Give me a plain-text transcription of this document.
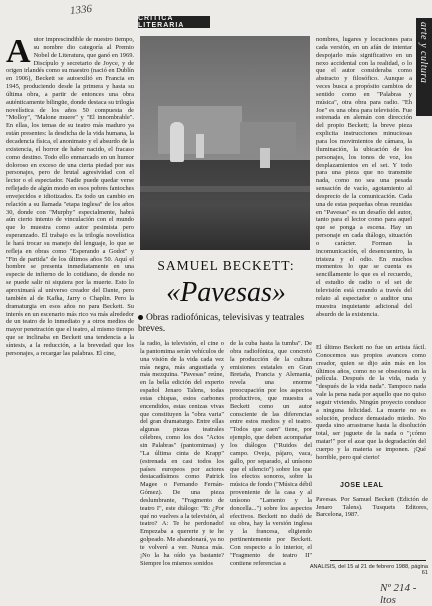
1336
CRITICA LITERARIA	arte y cultura
A utor imprescindible de nuestro tiempo, su nombre dio categoría al Premio Nobel de Literatura, que ganó en 1969. Discípulo y secretario de Joyce, y de origen irlandés como su maestro (nació en Dublín en 1906), Beckett se autoexilió en Francia en 1945, produciendo desde la primera y hasta su última obra, a partir de entonces una obra auténticamente bilingüe, donde destaca su trilogía novelística de los años 50 compuesta de "Molloy", "Malone muere" y "El innombrable". En ellas, los temas de su teatro más maduro ya están presentes: la desdicha de la vida humana, la decadencia física, el anonimato y el absurdo de la existencia, el horror de haber nacido, el fracaso como destino. Todo ello enmarcado en un humor doloroso en exceso de una cierta piedad por sus personajes, pero de brutal agresividad con el lector o el espectador. Nadie puede quedar verse reflejado de algún modo en esos pobres fantoches envejecidos e idiotizados. Es todo un cambio en relación a su llamada "etapa inglesa" de los años 30, donde con "Murphy" especialmente, habrá aún cierto intento de vinculación con el mundo que lo muestra como autor pesimista pero esperanzado. El trabajo es la trilogía novelística le hará trocar su manejo del lenguaje, lo que se refleja en obras como "Esperando a Godot" y "Fin de partida" de los últimos años 50. Aquí el hombre se presenta inmediatamente en una especie de infierno de lo cotidiano, de donde no se puede salir ni siquiera por la muerte. Esto lo aproximará al universo creador del Dante, pero también al de Kafka, Jarry o Chaplin. Pero la dramaturgia en esos años no para Beckett. Su interés en un escenario más rico va más alrededor de un teatro de lo inmediato y a otros medios de mayor penetración que el teatro, al mismo tiempo que se inclinaba en Beckett una tendencia a la síntesis, a la reducción, a la brevedad que los personajes, a recargar las palabras. El cine,

nombres, lugares y locuciones para cada versión, en un afán de intentar despojarlo más significativo en un nexo accidental con la realidad, o lo que el autor consideraba como abstracto y filosófico. Aunque a veces busca a propósito cambios de sentido como en "Palabras y música", otra obra para radio. "Eh Joe" es una obra para televisión. Fue estrenada en alemán con dirección del propio Beckett; la breve pieza explicita instrucciones minuciosas para los movimientos de cámara, la iluminación, la ubicación de los personajes, los tonos de voz, los desplazamientos en el set. Y todo para una pieza que no transmite nada, como no sea una pesada sensación de vacío, agotamiento al desprecio de la comunicación. Cada una de estas pequeñas obras reunidas en "Pavesas" es un desafío del autor, tanto para el lector como para aquel que se ponga a escena. Hay un personaje en cada diálogo, situación o carácter. Forman la incomunicación, el desencuentro, la tristeza y el odio. En muchos momentos lo que se cuenta es sencillamente lo que es el recuerdo, el estudio de radio o el set de televisión está creando a través del relato al espectador o auditor una muestra inquietante adicional del absurdo de la existencia.

SAMUEL BECKETT:
«Pavesas»
Obras radiofónicas, televisivas y teatrales breves.

la radio, la televisión, el cine o la pantomima serán vehículos de una visión de la vida cada vez más negra, más angustiada y más mezquina. "Pavesas" reúne, en la bella edición del experto español Jenaro Talens, todas estas chispas, estos carbones encendidos, estas cenizas vivas que constituyen la "obra varia" del gran dramaturgo. Entre ellas algunas piezas teatrales célebres, como los dos "Actos sin Palabras" (pantomimas) y "La última cinta de Krapp" (estrenada en casi todos los países europeos por actores destacadísimos como Patrick Magee o Fernando Fernán-Gómez). De una pieza deslumbrante, "Fragmento de teatro I", este diálogo: "B: ¿Por qué no vuelves a la televisión, al teatro? A: Te he perdonado! Empezaba a quererte y te he golpeado. Me abandonará, ya no te volveré a ver. Nunca más. ¡No la ha oído ya bastante? Siempre los mismos sonidos

de la cuba hasta la tumba". De obra radiofónica, que concretó la producción de la cultura emisiones estatales en Gran Bretaña, Francia y Alemania, revela una enorme preocupación por los aspectos productivos, que muestra a Beckett como un autor consciente de las diferencias entre estos medios y el teatro. "Todos que caen" tiene, por ejemplo, que deben acompañar los diálogos ("Ruidos del campo. Oveja, pájaro, vaca, gallo, por separado, al unísono que el silencio") sobre los que los efectos sonoros, sobre la música de fondo ("Música débil proveniente de la casa y al unísono "Lamento y la doncella...") sobre los aspectos efectivos. Beckett no dudó de su obra, hay la versión inglesa y la francesa, eligiendo pertinentemente por Beckett. Con respecto a lo interior, el "Fragmento de teatro II" contiene referencias a

El último Beckett no fue un artista fácil. Conocemos sus propios avances como creador, quien se dijo aún más en los últimos años, como no se obsesiona en la película. Después de la vida, nada y "después de la vida nada". Tampoco nada vale la pena nada por aquello que no quiso seguir viviendo. Ningún proyecto conduce a ninguna felicidad. La muerte no es solución, produce demasiado miedo. No queda sino arrastrarse hasta la disolución total, ser juguete de la nada o "¡cómo matar!" por el azar que la degradación del cuerpo y la materia se imponen. ¡Qué horrible, pero qué cierto!

JOSE LEAL
Pavesas. Por Samuel Beckett (Edición de Jenaro Talens). Tusquets Editores, Barcelona, 1987.
ANALISIS, del 15 al 21 de febrero 1988, página 61
Nº 214 - ltos
